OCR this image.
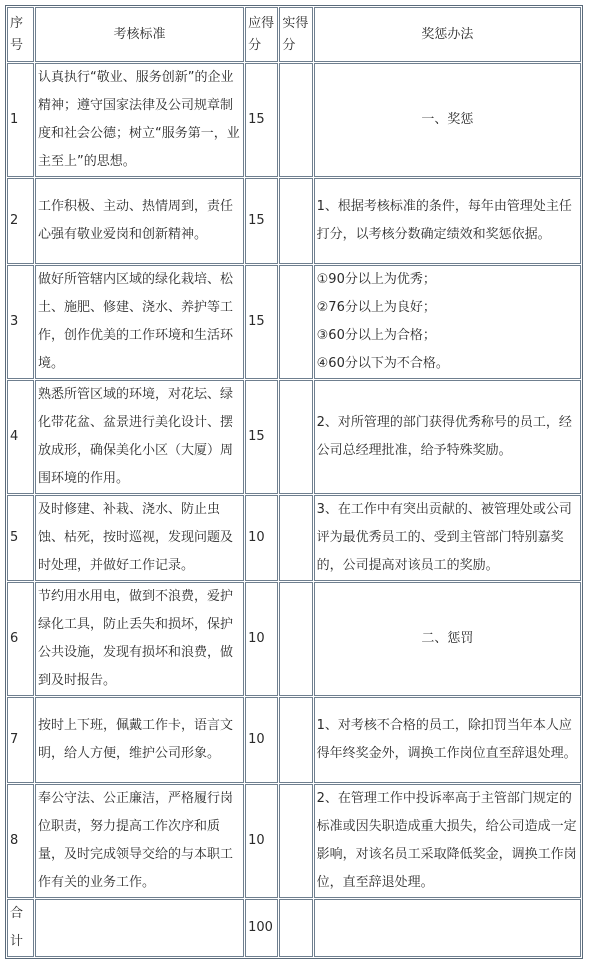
序号	考核标准	应得分	实得分	奖惩办法
1	认真执行“敬业、服务创新”的企业精神；遵守国家法律及公司规章制度和社会公德；树立“服务第一，业主至上”的思想。	15		一、奖惩
2	工作积极、主动、热情周到，责任心强有敬业爱岗和创新精神。	15		1、根据考核标准的条件，每年由管理处主任打分，以考核分数确定绩效和奖惩依据。
3	做好所管辖内区域的绿化栽培、松土、施肥、修建、浇水、养护等工作，创作优美的工作环境和生活环境。	15		①90分以上为优秀；
②76分以上为良好；
③60分以上为合格；
④60分以下为不合格。

4	熟悉所管区域的环境，对花坛、绿化带花盆、盆景进行美化设计、摆放成形，确保美化小区（大厦）周围环境的作用。	15		2、对所管理的部门获得优秀称号的员工，经公司总经理批准，给予特殊奖励。
5	及时修建、补栽、浇水、防止虫蚀、枯死，按时巡视，发现问题及时处理，并做好工作记录。	10		3、在工作中有突出贡献的、被管理处或公司评为最优秀员工的、受到主管部门特别嘉奖的，公司提高对该员工的奖励。
6	节约用水用电，做到不浪费，爱护绿化工具，防止丢失和损坏，保护公共设施，发现有损坏和浪费，做到及时报告。	10		二、惩罚
7	按时上下班，佩戴工作卡，语言文明，给人方便，维护公司形象。	10		1、对考核不合格的员工，除扣罚当年本人应得年终奖金外，调换工作岗位直至辞退处理。
8	奉公守法、公正廉洁，严格履行岗位职责，努力提高工作次序和质量，及时完成领导交给的与本职工作有关的业务工作。	10		2、在管理工作中投诉率高于主管部门规定的标准或因失职造成重大损失，给公司造成一定影响，对该名员工采取降低奖金，调换工作岗位，直至辞退处理。
合计		100		
